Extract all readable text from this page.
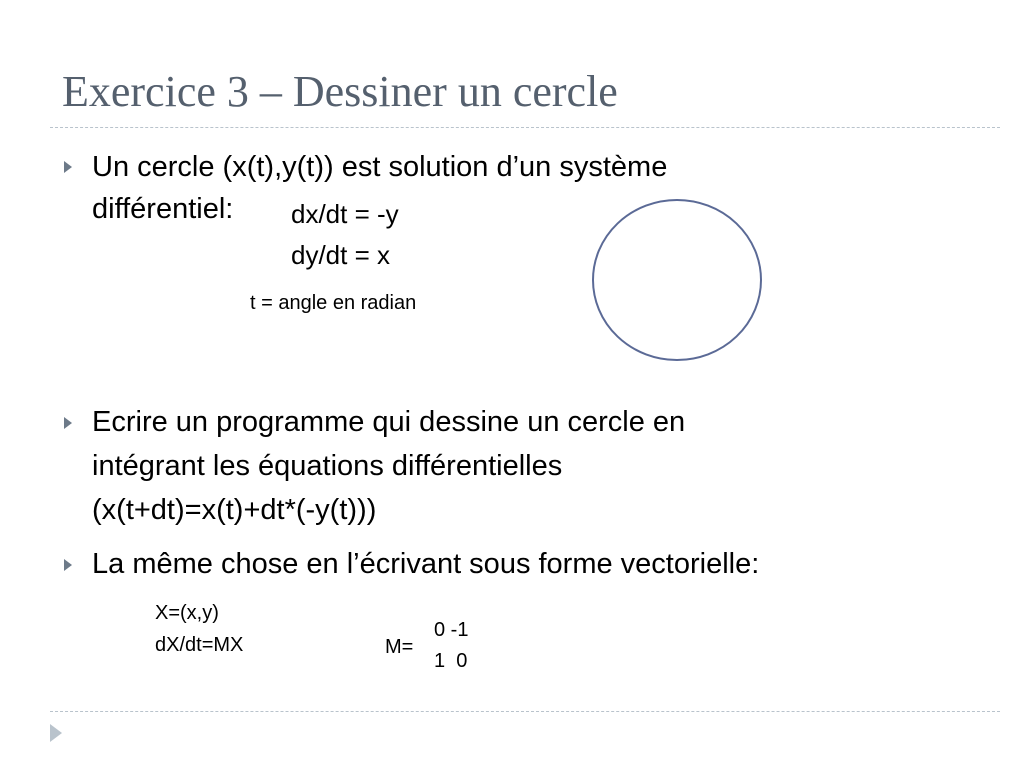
Exercice 3 – Dessiner un cercle
Un cercle (x(t),y(t)) est solution d’un système
différentiel: dx/dt = -y
dy/dt = x
t = angle en radian
Ecrire un programme qui dessine un cercle en
intégrant les équations différentielles
(x(t+dt)=x(t)+dt*(-y(t)))
La même chose en l’écrivant sous forme vectorielle:
X=(x,y)
dX/dt=MX	M=
0 -1
1  0
